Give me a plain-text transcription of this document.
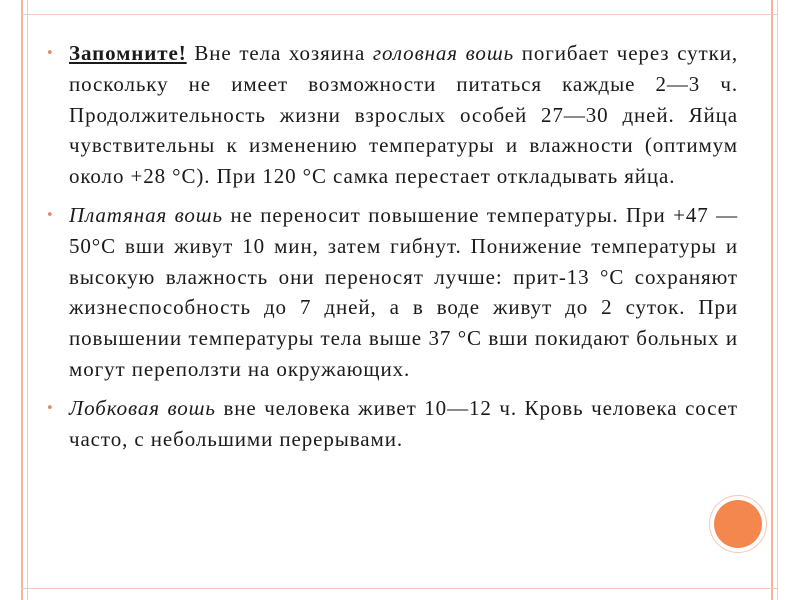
• Запомните! Вне тела хозяина головная вошь погибает через сутки, поскольку не имеет возможности питаться каждые 2—3 ч. Продолжительность жизни взрослых особей 27—30 дней. Яйца чувствительны к изменению температуры и влажности (оптимум около +28 °С). При 120 °С самка перестает откладывать яйца.

• Платяная вошь не переносит повышение температуры. При +47 — 50°С вши живут 10 мин, затем гибнут. Понижение температуры и высокую влажность они переносят лучше: прит-13 °С сохраняют жизнеспособность до 7 дней, а в воде живут до 2 суток. При повышении температуры тела выше 37 °С вши покидают больных и могут переползти на окружающих.

• Лобковая вошь вне человека живет 10—12 ч. Кровь человека сосет часто, с небольшими перерывами.
